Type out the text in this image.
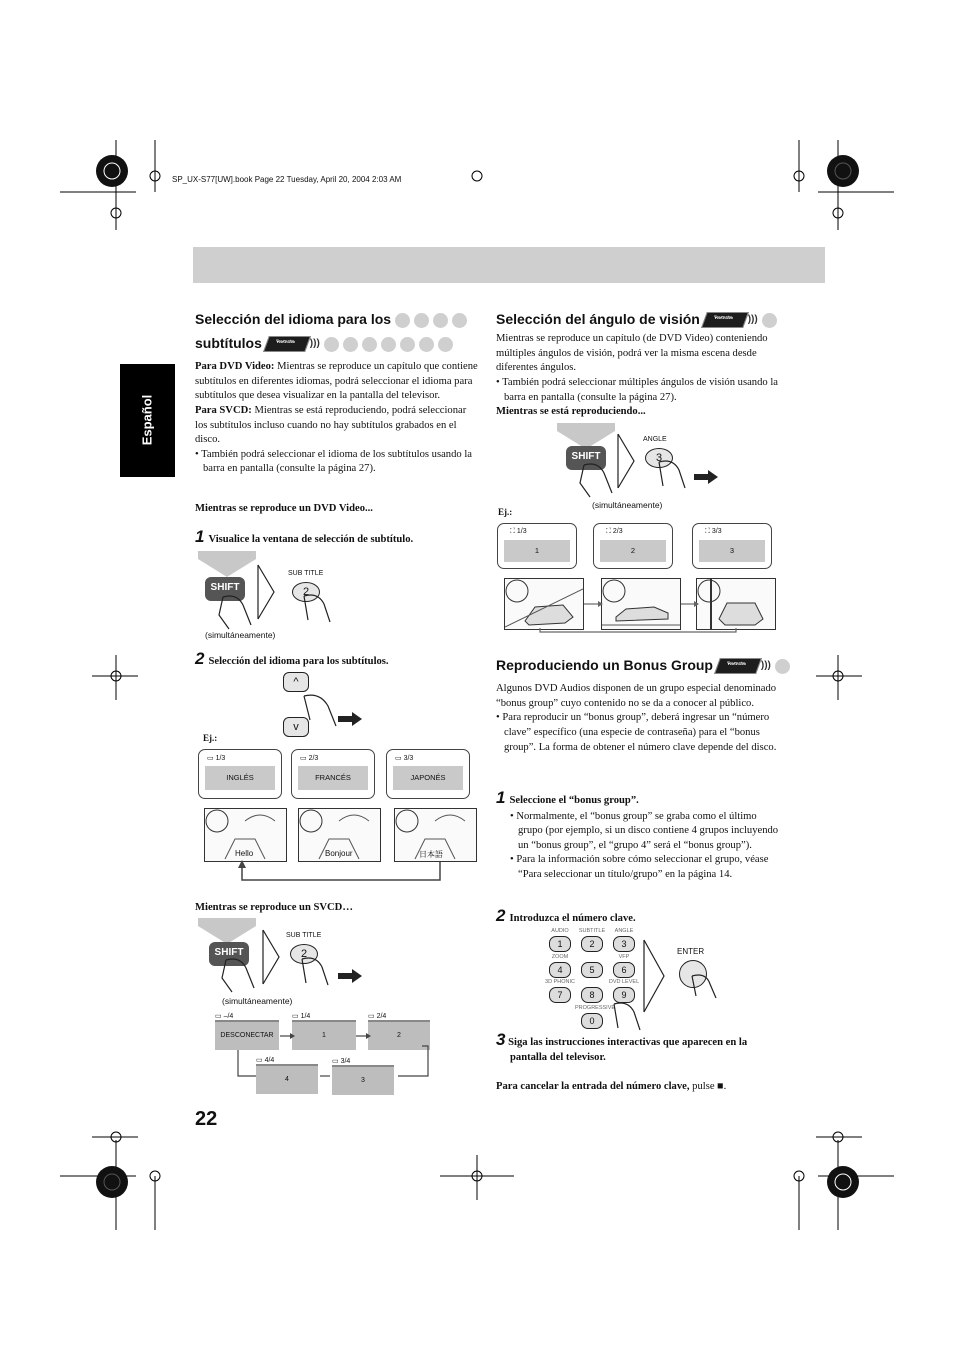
SP_UX-S77[UW].book Page 22 Tuesday, April 20, 2004 2:03 AM
Español
22
Selección del idioma para los
subtítulos	Remote

ONLY
)))

Para DVD Video: Mientras se reproduce un capítulo que contiene subtítulos en diferentes idiomas, podrá seleccionar el idioma para subtítulos que desea visualizar en la pantalla del televisor.

Para SVCD: Mientras se está reproduciendo, podrá seleccionar los subtítulos incluso cuando no hay subtítulos grabados en el disco.

• También podrá seleccionar el idioma de los subtítulos usando la barra en pantalla (consulte la página 27).

Mientras se reproduce un DVD Video...
1 Visualice la ventana de selección de subtítulo.
SHIFT
SUB TITLE
2
(simultáneamente)
2 Selección del idioma para los subtítulos.
^
v
Ej.:
▭ 1/3
INGLÉS
▭ 2/3
FRANCÉS
▭ 3/3
JAPONÉS
Hello	Bonjour	日本語
Mientras se reproduce un SVCD…
SHIFT
SUB TITLE
2
(simultáneamente)
▭ –/4
DESCONECTAR
▭ 1/4
1
▭ 2/4
2
▭ 4/4
4
▭ 3/4
3
Selección del ángulo de visión	Remote

ONLY
)))

Mientras se reproduce un capítulo (de DVD Video) conteniendo múltiples ángulos de visión, podrá ver la misma escena desde diferentes ángulos.

• También podrá seleccionar múltiples ángulos de visión usando la barra en pantalla (consulte la página 27).

Mientras se está reproduciendo...

SHIFT
ANGLE
3
(simultáneamente)
Ej.:
⛶ 1/3
1
⛶ 2/3
2
⛶ 3/3
3
Reproduciendo un Bonus Group	Remote

ONLY
)))

Algunos DVD Audios disponen de un grupo especial denominado “bonus group” cuyo contenido no se da a conocer al público.

• Para reproducir un “bonus group”, deberá ingresar un “número clave” específico (una especie de contraseña) para el “bonus group”. La forma de obtener el número clave depende del disco.

1 Seleccione el “bonus group”.

• Normalmente, el “bonus group” se graba como el último grupo (por ejemplo, si un disco contiene 4 grupos incluyendo un “bonus group”, el “grupo 4” será el “bonus group”).

• Para la información sobre cómo seleccionar el grupo, véase “Para seleccionar un título/grupo” en la página 14.

2 Introduzca el número clave.
AUDIO
1
SUBTITLE
2
ANGLE
3
ZOOM
4	5
VFP
6
3D PHONIC
7	8
DVD LEVEL
9
PROGRESSIVE
0
ENTER

3 Siga las instrucciones interactivas que aparecen en la pantalla del televisor.

Para cancelar la entrada del número clave, pulse ■.
